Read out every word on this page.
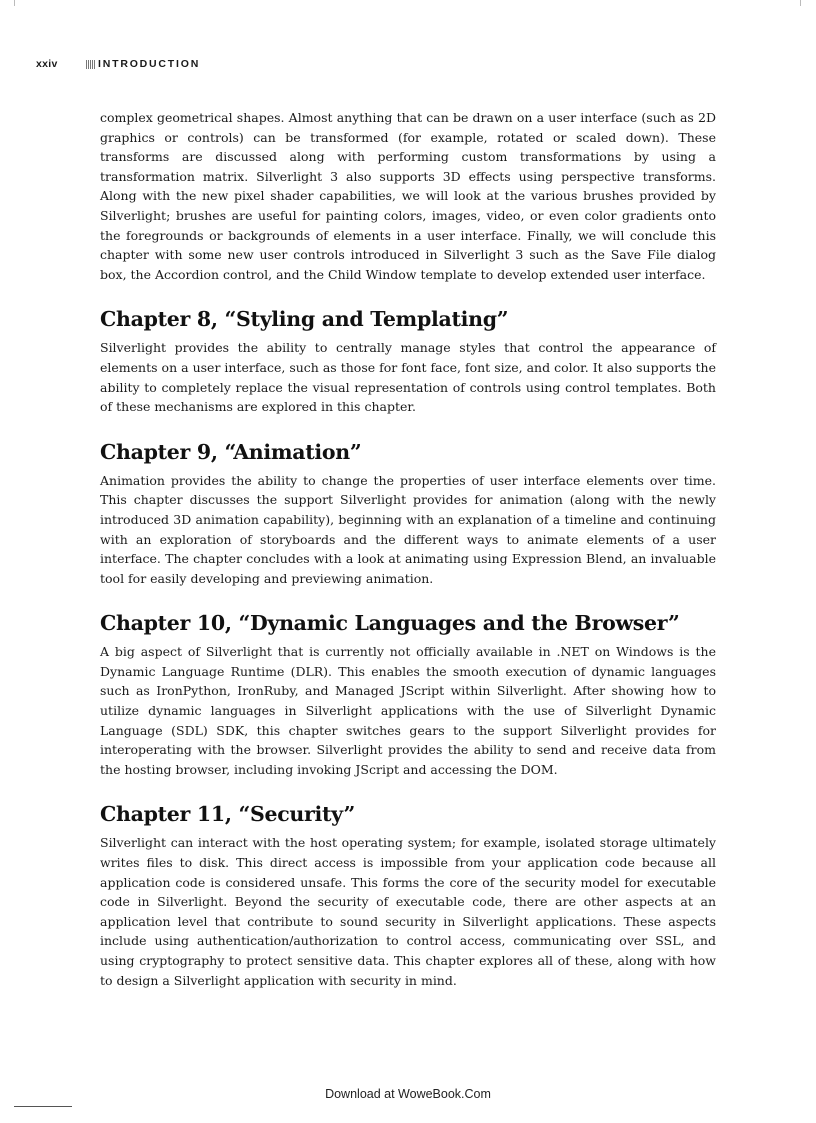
xxiv	INTRODUCTION

complex geometrical shapes. Almost anything that can be drawn on a user interface (such as 2D graphics or controls) can be transformed (for example, rotated or scaled down). These transforms are discussed along with performing custom transformations by using a transformation matrix. Silverlight 3 also supports 3D effects using perspective transforms. Along with the new pixel shader capabilities, we will look at the various brushes provided by Silverlight; brushes are useful for painting colors, images, video, or even color gradients onto the foregrounds or backgrounds of elements in a user interface. Finally, we will conclude this chapter with some new user controls introduced in Silverlight 3 such as the Save File dialog box, the Accordion control, and the Child Window template to develop extended user interface.

Chapter 8, “Styling and Templating”

Silverlight provides the ability to centrally manage styles that control the appearance of elements on a user interface, such as those for font face, font size, and color. It also supports the ability to completely replace the visual representation of controls using control templates. Both of these mechanisms are explored in this chapter.

Chapter 9, “Animation”

Animation provides the ability to change the properties of user interface elements over time. This chapter discusses the support Silverlight provides for animation (along with the newly introduced 3D animation capability), beginning with an explanation of a timeline and continuing with an exploration of storyboards and the different ways to animate elements of a user interface. The chapter concludes with a look at animating using Expression Blend, an invaluable tool for easily developing and previewing animation.

Chapter 10, “Dynamic Languages and the Browser”

A big aspect of Silverlight that is currently not officially available in .NET on Windows is the Dynamic Language Runtime (DLR). This enables the smooth execution of dynamic languages such as IronPython, IronRuby, and Managed JScript within Silverlight. After showing how to utilize dynamic languages in Silverlight applications with the use of Silverlight Dynamic Language (SDL) SDK, this chapter switches gears to the support Silverlight provides for interoperating with the browser. Silverlight provides the ability to send and receive data from the hosting browser, including invoking JScript and accessing the DOM.

Chapter 11, “Security”

Silverlight can interact with the host operating system; for example, isolated storage ultimately writes files to disk. This direct access is impossible from your application code because all application code is considered unsafe. This forms the core of the security model for executable code in Silverlight. Beyond the security of executable code, there are other aspects at an application level that contribute to sound security in Silverlight applications. These aspects include using authentication/authorization to control access, communicating over SSL, and using cryptography to protect sensitive data. This chapter explores all of these, along with how to design a Silverlight application with security in mind.

Download at WoweBook.Com
